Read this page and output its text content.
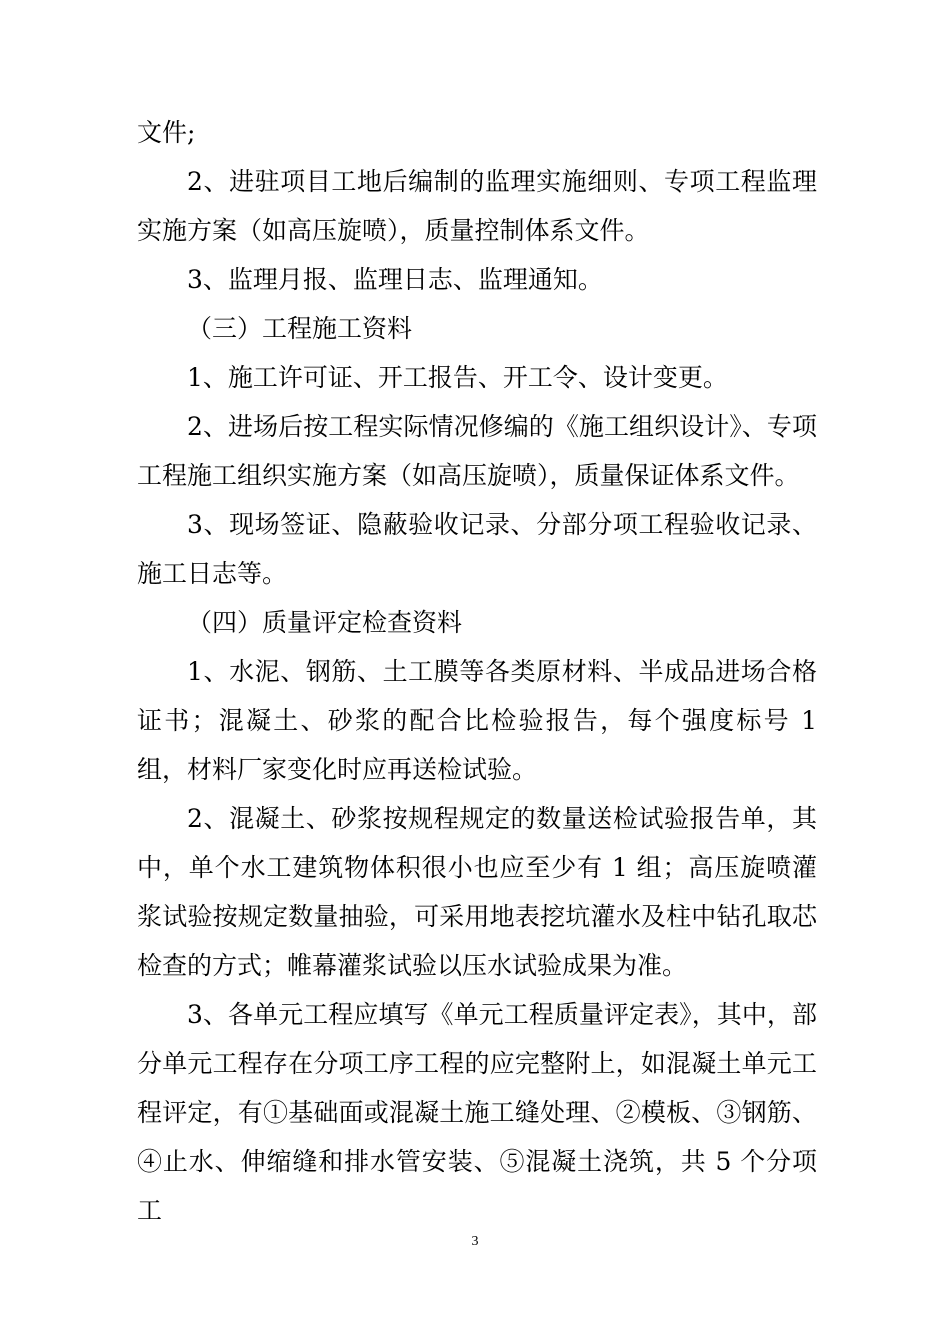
文件;

2、进驻项目工地后编制的监理实施细则、专项工程监理实施方案（如高压旋喷），质量控制体系文件。

3、监理月报、监理日志、监理通知。

（三）工程施工资料

1、施工许可证、开工报告、开工令、设计变更。

2、进场后按工程实际情况修编的《施工组织设计》、专项工程施工组织实施方案（如高压旋喷），质量保证体系文件。

3、现场签证、隐蔽验收记录、分部分项工程验收记录、施工日志等。

（四）质量评定检查资料

1、水泥、钢筋、土工膜等各类原材料、半成品进场合格证书；混凝土、砂浆的配合比检验报告，每个强度标号 1 组，材料厂家变化时应再送检试验。

2、混凝土、砂浆按规程规定的数量送检试验报告单，其中，单个水工建筑物体积很小也应至少有 1 组；高压旋喷灌浆试验按规定数量抽验，可采用地表挖坑灌水及柱中钻孔取芯检查的方式；帷幕灌浆试验以压水试验成果为准。

3、各单元工程应填写《单元工程质量评定表》，其中，部分单元工程存在分项工序工程的应完整附上，如混凝土单元工程评定，有①基础面或混凝土施工缝处理、②模板、③钢筋、④止水、伸缩缝和排水管安装、⑤混凝土浇筑，共 5 个分项工

3
